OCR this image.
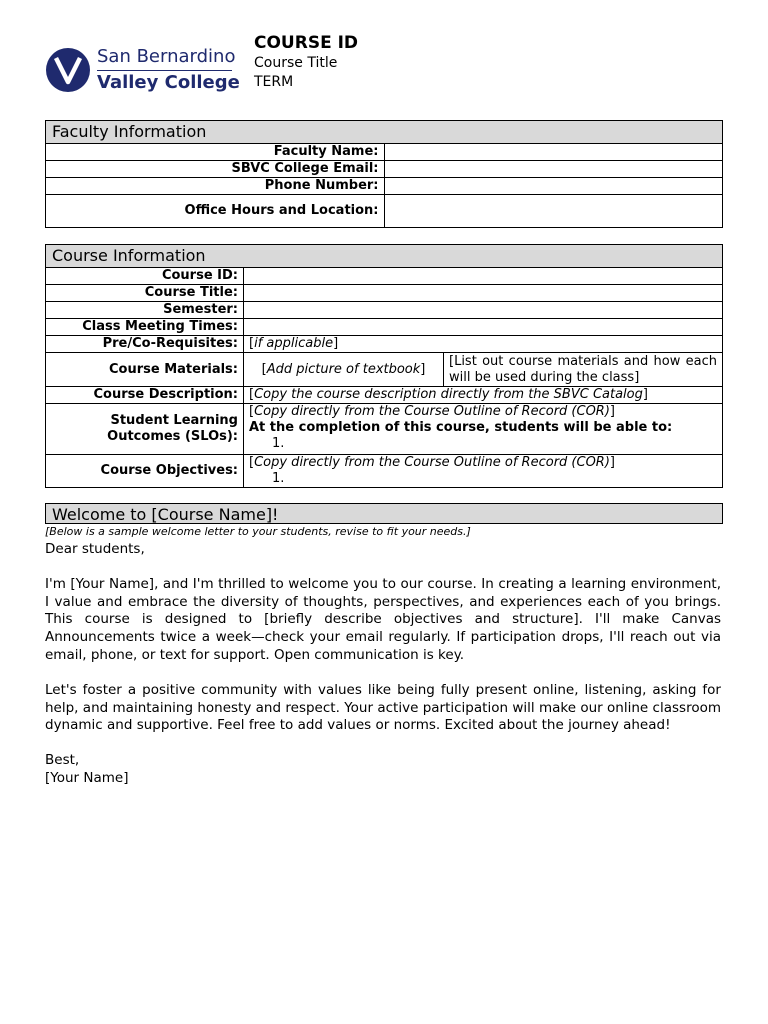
San Bernardino
Valley College
COURSE ID
Course Title
TERM
Faculty Information	
Faculty Name:	
SBVC College Email:	
Phone Number:	
Office Hours and Location:	
Course Information		
Course ID:		
Course Title:		
Semester:		
Class Meeting Times:		
Pre/Co-Requisites:	[if applicable]	
Course Materials:	[Add picture of textbook]	[List out course materials and how each will be used during the class]
Course Description:	[Copy the course description directly from the SBVC Catalog]	
Student Learning Outcomes (SLOs):	[Copy directly from the Course Outline of Record (COR)]
At the completion of this course, students will be able to:
1.	

Course Objectives:	[Copy directly from the Course Outline of Record (COR)]
1.	
Welcome to [Course Name]!
[Below is a sample welcome letter to your students, revise to fit your needs.]

Dear students,

I'm [Your Name], and I'm thrilled to welcome you to our course. In creating a learning environment, I value and embrace the diversity of thoughts, perspectives, and experiences each of you brings. This course is designed to [briefly describe objectives and structure]. I'll make Canvas Announcements twice a week—check your email regularly. If participation drops, I'll reach out via email, phone, or text for support. Open communication is key.

Let's foster a positive community with values like being fully present online, listening, asking for help, and maintaining honesty and respect. Your active participation will make our online classroom dynamic and supportive. Feel free to add values or norms. Excited about the journey ahead!

Best,

[Your Name]
